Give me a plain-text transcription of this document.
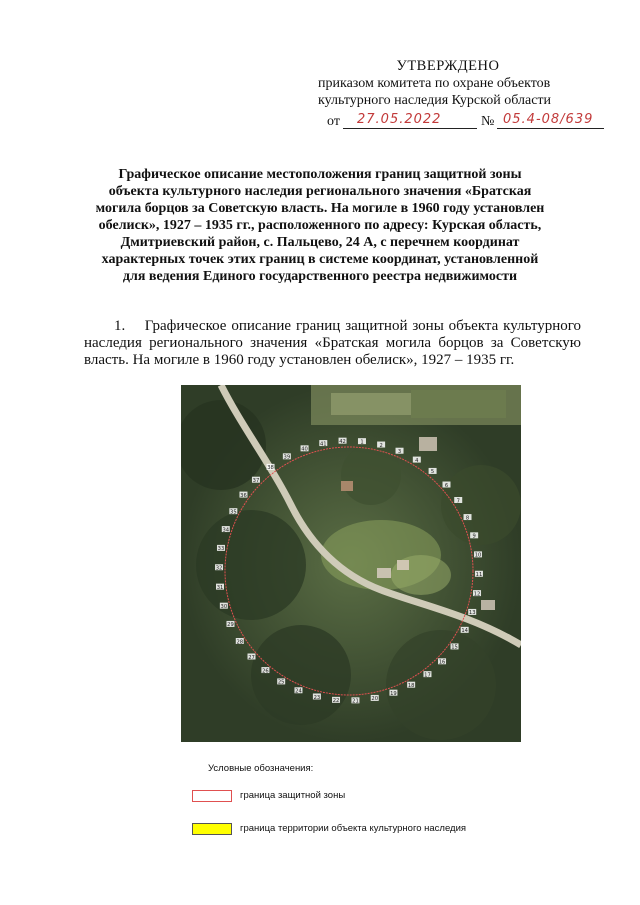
УТВЕРЖДЕНО
приказом комитета по охране объектов
культурного наследия Курской области
от 27.05.2022	№ 05.4-08/639
Графическое описание местоположения границ защитной зоны
объекта культурного наследия регионального значения «Братская
могила борцов за Советскую власть. На могиле в 1960 году установлен
обелиск», 1927 – 1935 гг., расположенного по адресу: Курская область,
Дмитриевский район, с. Пальцево, 24 А, с перечнем координат
характерных точек этих границ в системе координат, установленной
для ведения Единого государственного реестра недвижимости
1. Графическое описание границ защитной зоны объекта культурного наследия регионального значения «Братская могила борцов за Советскую власть. На могиле в 1960 году установлен обелиск», 1927 – 1935 гг.
1
2
3
4
5
6
7
8
9
10
11
12
13
14
15
16
17
18
19
20
21
22
23
24
25
26
27
28
29
30
31
32
33
34
35
36
37
38
39
40
41 42
Условные обозначения:
граница защитной зоны
граница территории объекта культурного наследия
